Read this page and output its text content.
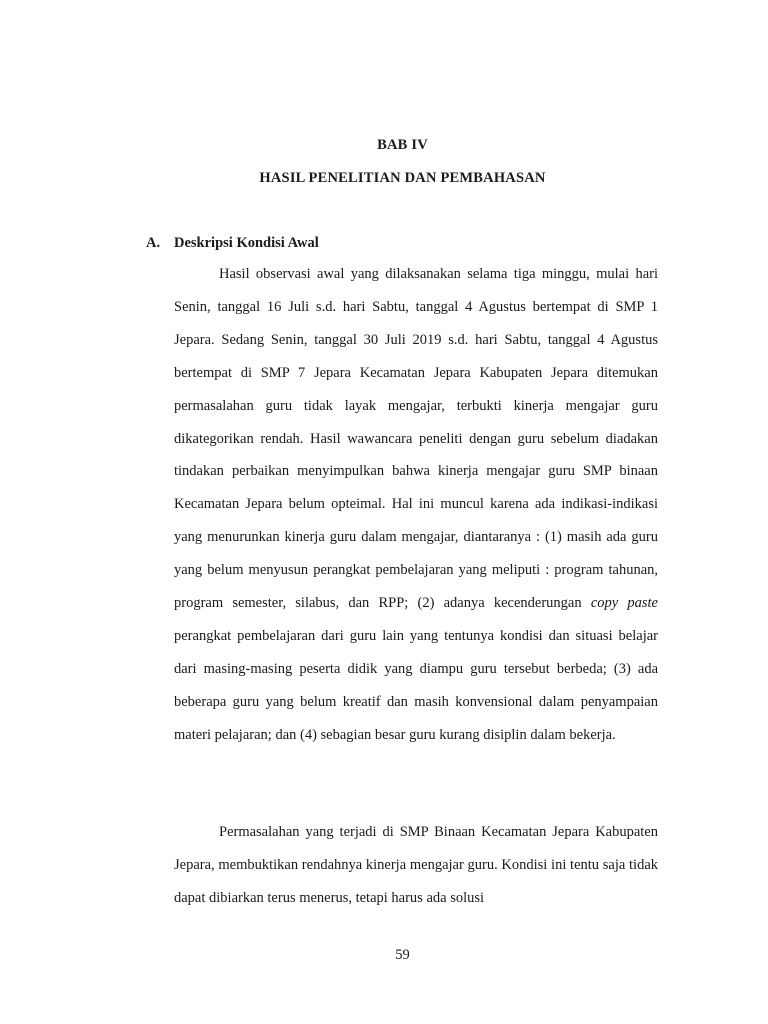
BAB IV
HASIL PENELITIAN DAN PEMBAHASAN
A. Deskripsi Kondisi Awal

Hasil observasi awal yang dilaksanakan selama tiga minggu, mulai hari Senin, tanggal 16 Juli s.d. hari Sabtu, tanggal 4 Agustus bertempat di SMP 1 Jepara. Sedang Senin, tanggal 30 Juli 2019 s.d. hari Sabtu, tanggal 4 Agustus bertempat di SMP 7 Jepara Kecamatan Jepara Kabupaten Jepara ditemukan permasalahan guru tidak layak mengajar, terbukti kinerja mengajar guru dikategorikan rendah. Hasil wawancara peneliti dengan guru sebelum diadakan tindakan perbaikan menyimpulkan bahwa kinerja mengajar guru SMP binaan Kecamatan Jepara belum opteimal. Hal ini muncul karena ada indikasi-indikasi yang menurunkan kinerja guru dalam mengajar, diantaranya : (1) masih ada guru yang belum menyusun perangkat pembelajaran yang meliputi : program tahunan, program semester, silabus, dan RPP; (2) adanya kecenderungan copy paste perangkat pembelajaran dari guru lain yang tentunya kondisi dan situasi belajar dari masing-masing peserta didik yang diampu guru tersebut berbeda; (3) ada beberapa guru yang belum kreatif dan masih konvensional dalam penyampaian materi pelajaran; dan (4) sebagian besar guru kurang disiplin dalam bekerja.

Permasalahan yang terjadi di SMP Binaan Kecamatan Jepara Kabupaten Jepara, membuktikan rendahnya kinerja mengajar guru. Kondisi ini tentu saja tidak dapat dibiarkan terus menerus, tetapi harus ada solusi

59
